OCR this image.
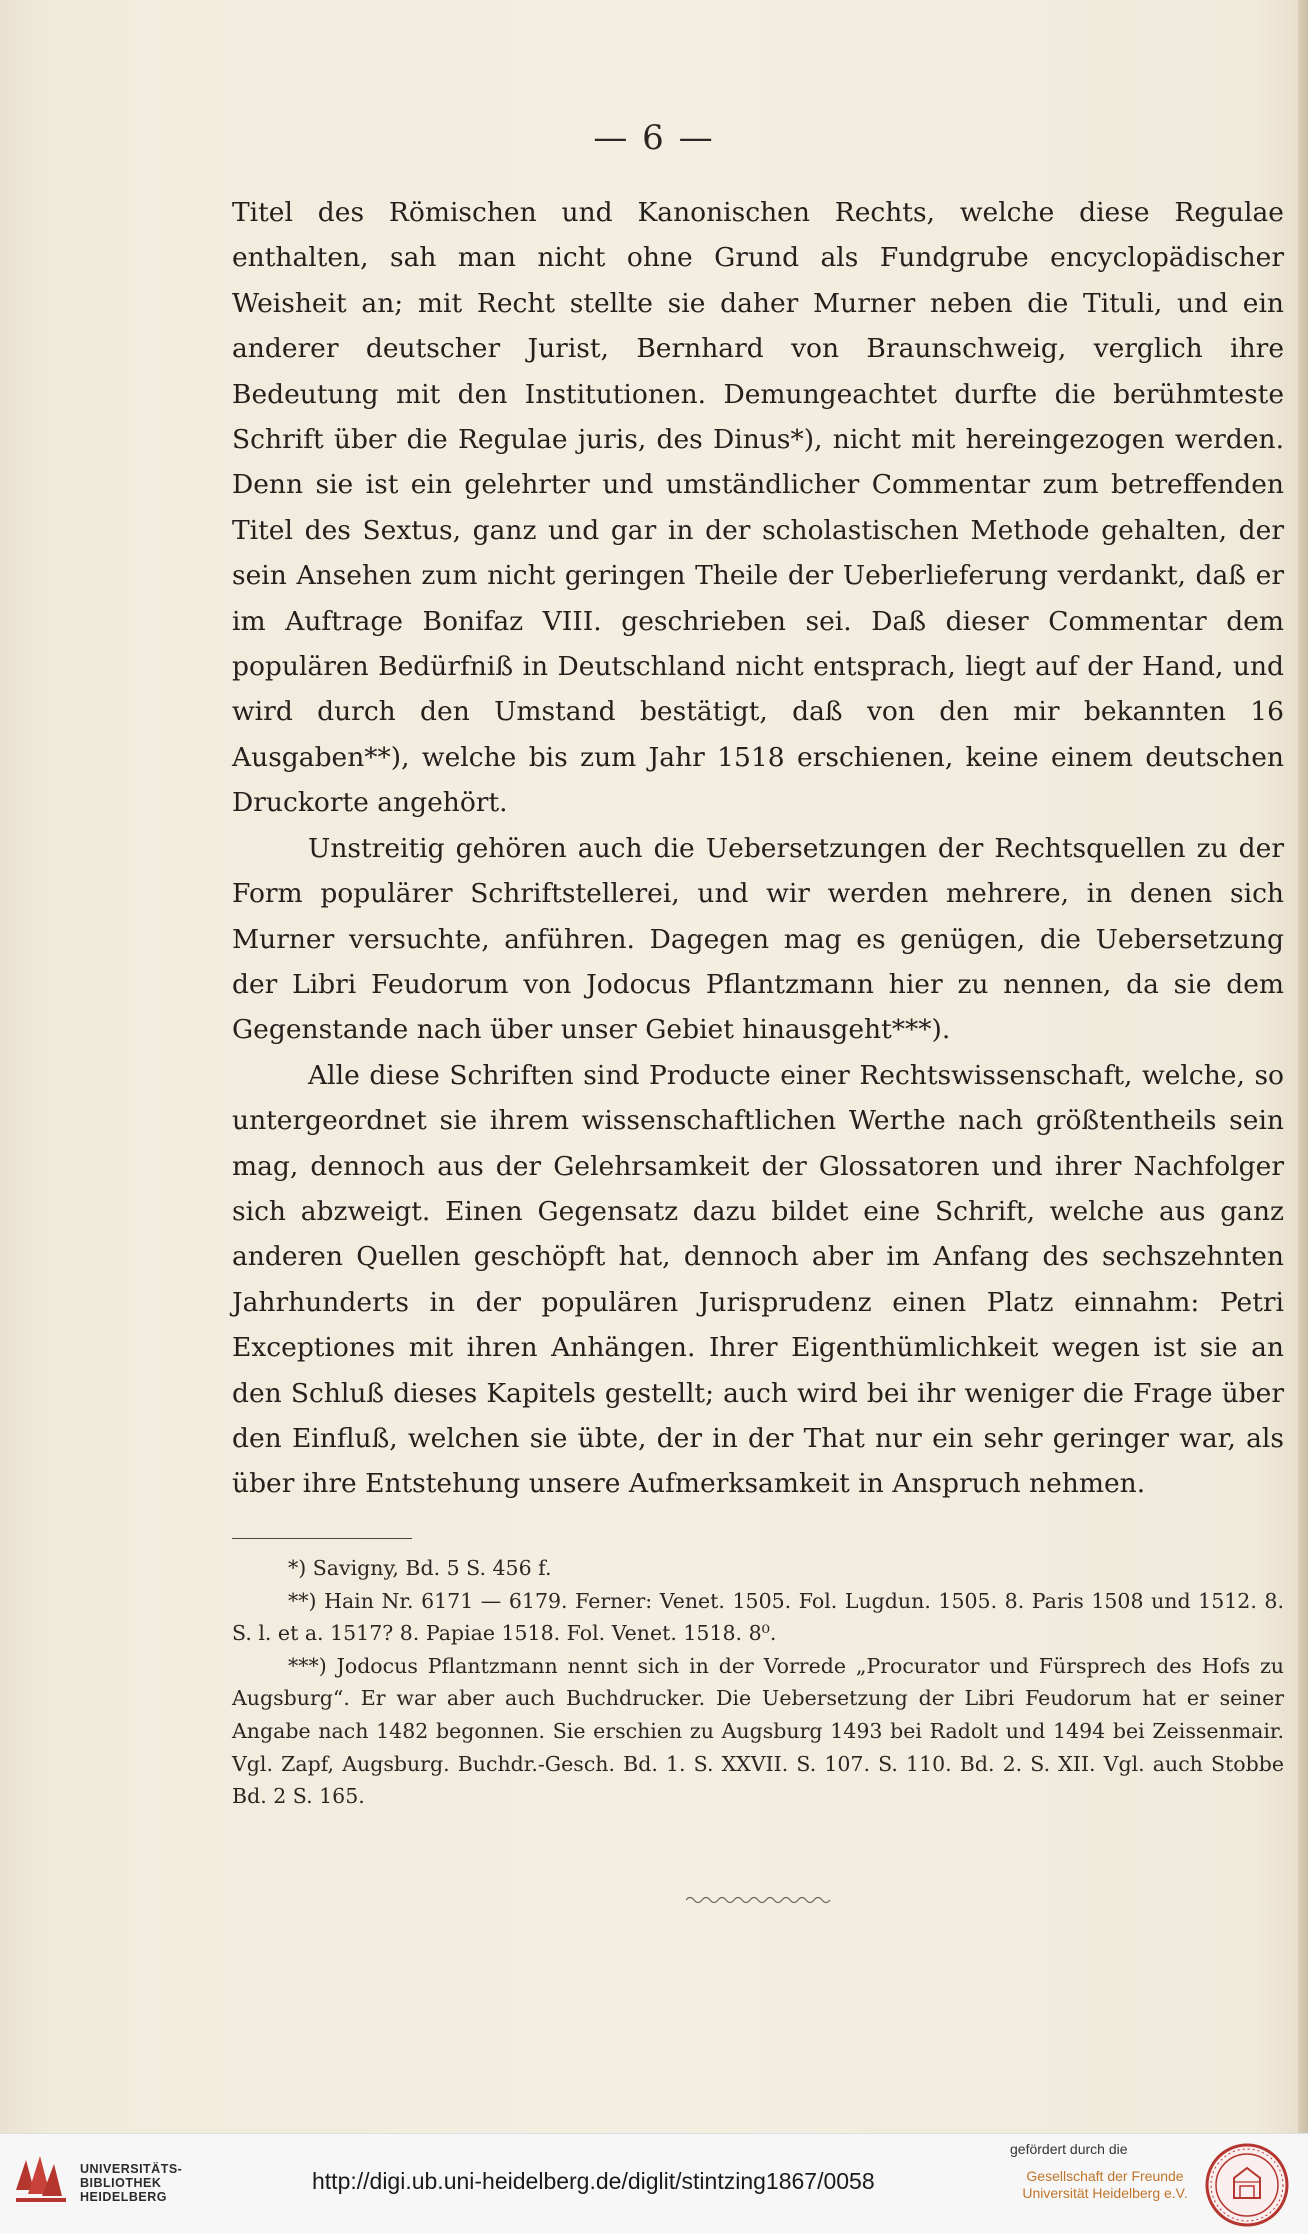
— 6 —

Titel des Römischen und Kanonischen Rechts, welche diese Regulae enthalten, sah man nicht ohne Grund als Fundgrube encyclopädischer Weisheit an; mit Recht stellte sie daher Murner neben die Tituli, und ein anderer deutscher Jurist, Bernhard von Braunschweig, verglich ihre Bedeutung mit den Institutionen. Demungeachtet durfte die berühmteste Schrift über die Regulae juris, des Dinus*), nicht mit hereingezogen werden. Denn sie ist ein gelehrter und umständlicher Commentar zum betreffenden Titel des Sextus, ganz und gar in der scholastischen Methode gehalten, der sein Ansehen zum nicht geringen Theile der Ueberlieferung verdankt, daß er im Auftrage Bonifaz VIII. geschrieben sei. Daß dieser Commentar dem populären Bedürfniß in Deutschland nicht entsprach, liegt auf der Hand, und wird durch den Umstand bestätigt, daß von den mir bekannten 16 Ausgaben**), welche bis zum Jahr 1518 erschienen, keine einem deutschen Druckorte angehört.

Unstreitig gehören auch die Uebersetzungen der Rechtsquellen zu der Form populärer Schriftstellerei, und wir werden mehrere, in denen sich Murner versuchte, anführen. Dagegen mag es genügen, die Uebersetzung der Libri Feudorum von Jodocus Pflantzmann hier zu nennen, da sie dem Gegenstande nach über unser Gebiet hinausgeht***).

Alle diese Schriften sind Producte einer Rechtswissenschaft, welche, so untergeordnet sie ihrem wissenschaftlichen Werthe nach größtentheils sein mag, dennoch aus der Gelehrsamkeit der Glossatoren und ihrer Nachfolger sich abzweigt. Einen Gegensatz dazu bildet eine Schrift, welche aus ganz anderen Quellen geschöpft hat, dennoch aber im Anfang des sechszehnten Jahrhunderts in der populären Jurisprudenz einen Platz einnahm: Petri Exceptiones mit ihren Anhängen. Ihrer Eigenthümlichkeit wegen ist sie an den Schluß dieses Kapitels gestellt; auch wird bei ihr weniger die Frage über den Einfluß, welchen sie übte, der in der That nur ein sehr geringer war, als über ihre Entstehung unsere Aufmerksamkeit in Anspruch nehmen.

*) Savigny, Bd. 5 S. 456 f.

**) Hain Nr. 6171 — 6179. Ferner: Venet. 1505. Fol. Lugdun. 1505. 8. Paris 1508 und 1512. 8. S. l. et a. 1517? 8. Papiae 1518. Fol. Venet. 1518. 8⁰.

***) Jodocus Pflantzmann nennt sich in der Vorrede „Procurator und Fürsprech des Hofs zu Augsburg“. Er war aber auch Buchdrucker. Die Uebersetzung der Libri Feudorum hat er seiner Angabe nach 1482 begonnen. Sie erschien zu Augsburg 1493 bei Radolt und 1494 bei Zeissenmair. Vgl. Zapf, Augsburg. Buchdr.-Gesch. Bd. 1. S. XXVII. S. 107. S. 110. Bd. 2. S. XII. Vgl. auch Stobbe Bd. 2 S. 165.

UNIVERSITÄTS-
BIBLIOTHEK
HEIDELBERG
http://digi.ub.uni-heidelberg.de/diglit/stintzing1867/0058
gefördert durch die
Gesellschaft der Freunde
Universität Heidelberg e.V.
